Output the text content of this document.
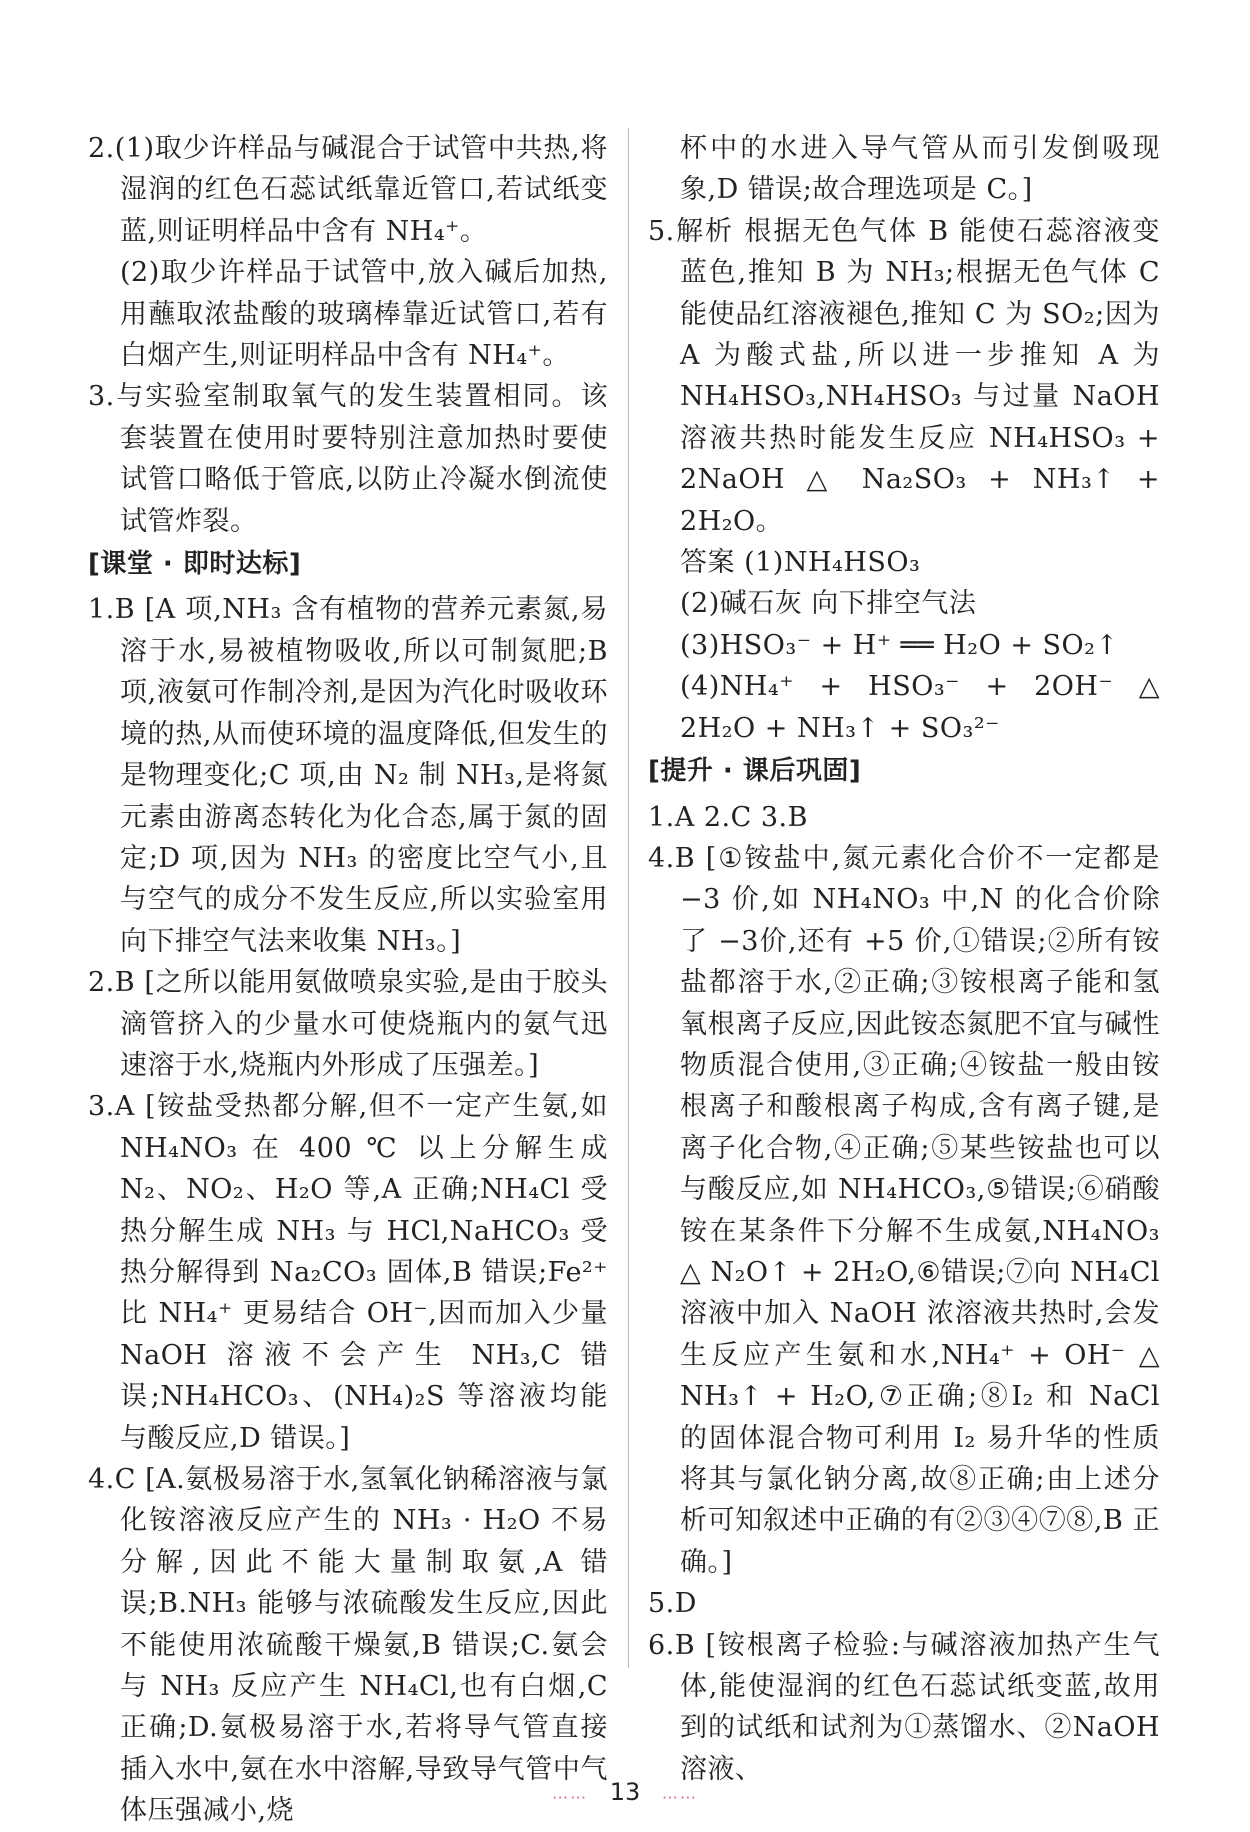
2.(1)取少许样品与碱混合于试管中共热,将湿润的红色石蕊试纸靠近管口,若试纸变蓝,则证明样品中含有 NH₄⁺。
(2)取少许样品于试管中,放入碱后加热,用蘸取浓盐酸的玻璃棒靠近试管口,若有白烟产生,则证明样品中含有 NH₄⁺。
3.与实验室制取氧气的发生装置相同。该套装置在使用时要特别注意加热时要使试管口略低于管底,以防止冷凝水倒流使试管炸裂。
[课堂 · 即时达标]
1.B [A 项,NH₃ 含有植物的营养元素氮,易溶于水,易被植物吸收,所以可制氮肥;B 项,液氨可作制冷剂,是因为汽化时吸收环境的热,从而使环境的温度降低,但发生的是物理变化;C 项,由 N₂ 制 NH₃,是将氮元素由游离态转化为化合态,属于氮的固定;D 项,因为 NH₃ 的密度比空气小,且与空气的成分不发生反应,所以实验室用向下排空气法来收集 NH₃。]
2.B [之所以能用氨做喷泉实验,是由于胶头滴管挤入的少量水可使烧瓶内的氨气迅速溶于水,烧瓶内外形成了压强差。]
3.A [铵盐受热都分解,但不一定产生氨,如 NH₄NO₃ 在 400 ℃ 以上分解生成 N₂、NO₂、H₂O 等,A 正确;NH₄Cl 受热分解生成 NH₃ 与 HCl,NaHCO₃ 受热分解得到 Na₂CO₃ 固体,B 错误;Fe²⁺ 比 NH₄⁺ 更易结合 OH⁻,因而加入少量 NaOH 溶液不会产生 NH₃,C 错误;NH₄HCO₃、(NH₄)₂S 等溶液均能与酸反应,D 错误。]
4.C [A.氨极易溶于水,氢氧化钠稀溶液与氯化铵溶液反应产生的 NH₃ · H₂O 不易分解,因此不能大量制取氨,A 错误;B.NH₃ 能够与浓硫酸发生反应,因此不能使用浓硫酸干燥氨,B 错误;C.氨会与 NH₃ 反应产生 NH₄Cl,也有白烟,C 正确;D.氨极易溶于水,若将导气管直接插入水中,氨在水中溶解,导致导气管中气体压强减小,烧
杯中的水进入导气管从而引发倒吸现象,D 错误;故合理选项是 C。]
5.解析 根据无色气体 B 能使石蕊溶液变蓝色,推知 B 为 NH₃;根据无色气体 C 能使品红溶液褪色,推知 C 为 SO₂;因为 A 为酸式盐,所以进一步推知 A 为 NH₄HSO₃,NH₄HSO₃ 与过量 NaOH 溶液共热时能发生反应 NH₄HSO₃ + 2NaOH △ Na₂SO₃ + NH₃↑ + 2H₂O。
答案 (1)NH₄HSO₃
(2)碱石灰 向下排空气法
(3)HSO₃⁻ + H⁺ ══ H₂O + SO₂↑
(4)NH₄⁺ + HSO₃⁻ + 2OH⁻ △ 2H₂O + NH₃↑ + SO₃²⁻
[提升 · 课后巩固]
1.A 2.C 3.B
4.B [①铵盐中,氮元素化合价不一定都是 −3 价,如 NH₄NO₃ 中,N 的化合价除了 −3价,还有 +5 价,①错误;②所有铵盐都溶于水,②正确;③铵根离子能和氢氧根离子反应,因此铵态氮肥不宜与碱性物质混合使用,③正确;④铵盐一般由铵根离子和酸根离子构成,含有离子键,是离子化合物,④正确;⑤某些铵盐也可以与酸反应,如 NH₄HCO₃,⑤错误;⑥硝酸铵在某条件下分解不生成氨,NH₄NO₃ △ N₂O↑ + 2H₂O,⑥错误;⑦向 NH₄Cl 溶液中加入 NaOH 浓溶液共热时,会发生反应产生氨和水,NH₄⁺ + OH⁻ △ NH₃↑ + H₂O,⑦正确;⑧I₂ 和 NaCl 的固体混合物可利用 I₂ 易升华的性质将其与氯化钠分离,故⑧正确;由上述分析可知叙述中正确的有②③④⑦⑧,B 正确。]
5.D
6.B [铵根离子检验:与碱溶液加热产生气体,能使湿润的红色石蕊试纸变蓝,故用到的试纸和试剂为①蒸馏水、②NaOH 溶液、
…… 13 ……
